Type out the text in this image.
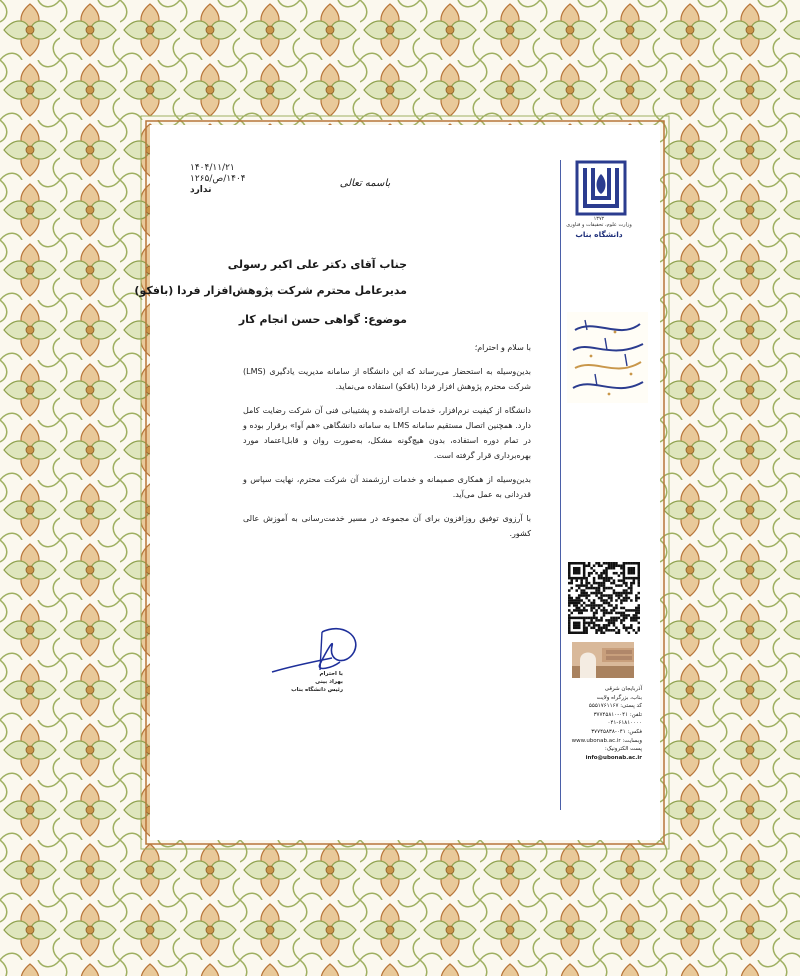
۱۴۰۴/۱۱/۲۱
۱۴۰۴/ص/۱۲۶۵
ندارد
باسمه تعالی
جناب آقای دکتر علی اکبر رسولی
مدیرعامل محترم شرکت پژوهش‌افزار فردا (بافکو)
موضوع: گواهی حسن انجام کار

با سلام و احترام؛

بدین‌وسیله به استحضار می‌رساند که این دانشگاه از سامانه مدیریت یادگیری (LMS) شرکت محترم پژوهش افزار فردا (بافکو) استفاده می‌نماید.

دانشگاه از کیفیت نرم‌افزار، خدمات ارائه‌شده و پشتیبانی فنی آن شرکت رضایت کامل دارد. همچنین اتصال مستقیم سامانه LMS به سامانه دانشگاهی «هم آوا» برقرار بوده و در تمام دوره استفاده، بدون هیچ‌گونه مشکل، به‌صورت روان و قابل‌اعتماد مورد بهره‌برداری قرار گرفته است.

بدین‌وسیله از همکاری صمیمانه و خدمات ارزشمند آن شرکت محترم، نهایت سپاس و قدردانی به عمل می‌آید.

با آرزوی توفیق روزافزون برای آن مجموعه در مسیر خدمت‌رسانی به آموزش عالی کشور.

با احترام
بهراد بینی
رئیس دانشگاه بناب
۱۳۷۲
وزارت علوم، تحقیقات و فناوری
دانشگاه بناب
آذربایجان شرقی
بناب، بزرگراه ولایت
کد پستی: ۵۵۵۱۷۶۱۱۶۷
تلفن: ۰۴۱-۳۷۷۴۵۸۱۰
۰۴۱-۶۱۸۱۰۰۰۰
فکس: ۰۴۱-۳۷۷۴۵۸۳۸
وبسایت: www.ubonab.ac.ir
پست الکترونیک:
info@ubonab.ac.ir
